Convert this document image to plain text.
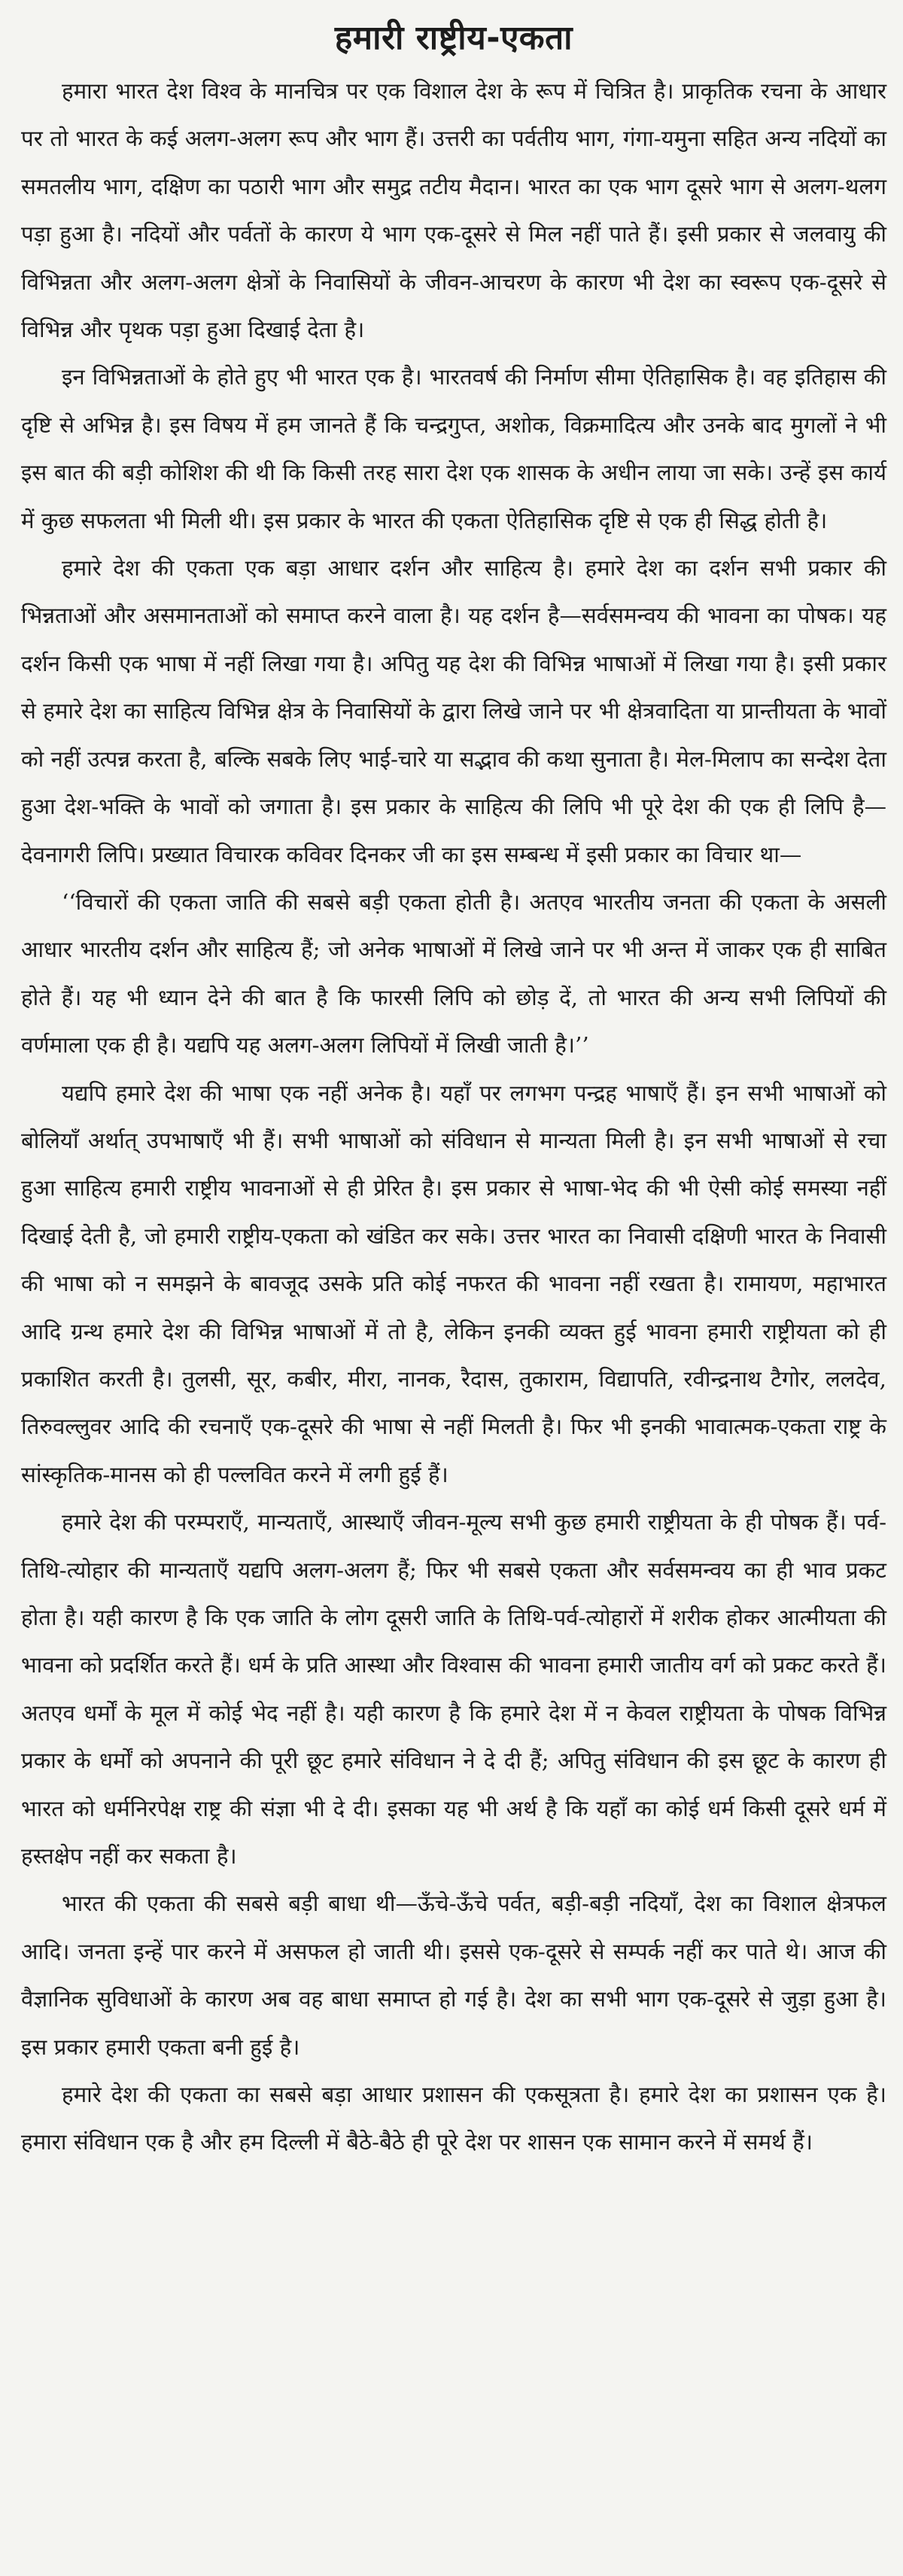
हमारी राष्ट्रीय-एकता

हमारा भारत देश विश्व के मानचित्र पर एक विशाल देश के रूप में चित्रित है। प्राकृतिक रचना के आधार पर तो भारत के कई अलग-अलग रूप और भाग हैं। उत्तरी का पर्वतीय भाग, गंगा-यमुना सहित अन्य नदियों का समतलीय भाग, दक्षिण का पठारी भाग और समुद्र तटीय मैदान। भारत का एक भाग दूसरे भाग से अलग-थलग पड़ा हुआ है। नदियों और पर्वतों के कारण ये भाग एक-दूसरे से मिल नहीं पाते हैं। इसी प्रकार से जलवायु की विभिन्नता और अलग-अलग क्षेत्रों के निवासियों के जीवन-आचरण के कारण भी देश का स्वरूप एक-दूसरे से विभिन्न और पृथक पड़ा हुआ दिखाई देता है।

इन विभिन्नताओं के होते हुए भी भारत एक है। भारतवर्ष की निर्माण सीमा ऐतिहासिक है। वह इतिहास की दृष्टि से अभिन्न है। इस विषय में हम जानते हैं कि चन्द्रगुप्त, अशोक, विक्रमादित्य और उनके बाद मुगलों ने भी इस बात की बड़ी कोशिश की थी कि किसी तरह सारा देश एक शासक के अधीन लाया जा सके। उन्हें इस कार्य में कुछ सफलता भी मिली थी। इस प्रकार के भारत की एकता ऐतिहासिक दृष्टि से एक ही सिद्ध होती है।

हमारे देश की एकता एक बड़ा आधार दर्शन और साहित्य है। हमारे देश का दर्शन सभी प्रकार की भिन्नताओं और असमानताओं को समाप्त करने वाला है। यह दर्शन है—सर्वसमन्वय की भावना का पोषक। यह दर्शन किसी एक भाषा में नहीं लिखा गया है। अपितु यह देश की विभिन्न भाषाओं में लिखा गया है। इसी प्रकार से हमारे देश का साहित्य विभिन्न क्षेत्र के निवासियों के द्वारा लिखे जाने पर भी क्षेत्रवादिता या प्रान्तीयता के भावों को नहीं उत्पन्न करता है, बल्कि सबके लिए भाई-चारे या सद्भाव की कथा सुनाता है। मेल-मिलाप का सन्देश देता हुआ देश-भक्ति के भावों को जगाता है। इस प्रकार के साहित्य की लिपि भी पूरे देश की एक ही लिपि है—देवनागरी लिपि। प्रख्यात विचारक कविवर दिनकर जी का इस सम्बन्ध में इसी प्रकार का विचार था—

‘‘विचारों की एकता जाति की सबसे बड़ी एकता होती है। अतएव भारतीय जनता की एकता के असली आधार भारतीय दर्शन और साहित्य हैं; जो अनेक भाषाओं में लिखे जाने पर भी अन्त में जाकर एक ही साबित होते हैं। यह भी ध्यान देने की बात है कि फारसी लिपि को छोड़ दें, तो भारत की अन्य सभी लिपियों की वर्णमाला एक ही है। यद्यपि यह अलग-अलग लिपियों में लिखी जाती है।’’

यद्यपि हमारे देश की भाषा एक नहीं अनेक है। यहाँ पर लगभग पन्द्रह भाषाएँ हैं। इन सभी भाषाओं को बोलियाँ अर्थात् उपभाषाएँ भी हैं। सभी भाषाओं को संविधान से मान्यता मिली है। इन सभी भाषाओं से रचा हुआ साहित्य हमारी राष्ट्रीय भावनाओं से ही प्रेरित है। इस प्रकार से भाषा-भेद की भी ऐसी कोई समस्या नहीं दिखाई देती है, जो हमारी राष्ट्रीय-एकता को खंडित कर सके। उत्तर भारत का निवासी दक्षिणी भारत के निवासी की भाषा को न समझने के बावजूद उसके प्रति कोई नफरत की भावना नहीं रखता है। रामायण, महाभारत आदि ग्रन्थ हमारे देश की विभिन्न भाषाओं में तो है, लेकिन इनकी व्यक्त हुई भावना हमारी राष्ट्रीयता को ही प्रकाशित करती है। तुलसी, सूर, कबीर, मीरा, नानक, रैदास, तुकाराम, विद्यापति, रवीन्द्रनाथ टैगोर, ललदेव, तिरुवल्लुवर आदि की रचनाएँ एक-दूसरे की भाषा से नहीं मिलती है। फिर भी इनकी भावात्मक-एकता राष्ट्र के सांस्कृतिक-मानस को ही पल्लवित करने में लगी हुई हैं।

हमारे देश की परम्पराएँ, मान्यताएँ, आस्थाएँ जीवन-मूल्य सभी कुछ हमारी राष्ट्रीयता के ही पोषक हैं। पर्व-तिथि-त्योहार की मान्यताएँ यद्यपि अलग-अलग हैं; फिर भी सबसे एकता और सर्वसमन्वय का ही भाव प्रकट होता है। यही कारण है कि एक जाति के लोग दूसरी जाति के तिथि-पर्व-त्योहारों में शरीक होकर आत्मीयता की भावना को प्रदर्शित करते हैं। धर्म के प्रति आस्था और विश्वास की भावना हमारी जातीय वर्ग को प्रकट करते हैं। अतएव धर्मों के मूल में कोई भेद नहीं है। यही कारण है कि हमारे देश में न केवल राष्ट्रीयता के पोषक विभिन्न प्रकार के धर्मों को अपनाने की पूरी छूट हमारे संविधान ने दे दी हैं; अपितु संविधान की इस छूट के कारण ही भारत को धर्मनिरपेक्ष राष्ट्र की संज्ञा भी दे दी। इसका यह भी अर्थ है कि यहाँ का कोई धर्म किसी दूसरे धर्म में हस्तक्षेप नहीं कर सकता है।

भारत की एकता की सबसे बड़ी बाधा थी—ऊँचे-ऊँचे पर्वत, बड़ी-बड़ी नदियाँ, देश का विशाल क्षेत्रफल आदि। जनता इन्हें पार करने में असफल हो जाती थी। इससे एक-दूसरे से सम्पर्क नहीं कर पाते थे। आज की वैज्ञानिक सुविधाओं के कारण अब वह बाधा समाप्त हो गई है। देश का सभी भाग एक-दूसरे से जुड़ा हुआ है। इस प्रकार हमारी एकता बनी हुई है।

हमारे देश की एकता का सबसे बड़ा आधार प्रशासन की एकसूत्रता है। हमारे देश का प्रशासन एक है। हमारा संविधान एक है और हम दिल्ली में बैठे-बैठे ही पूरे देश पर शासन एक सामान करने में समर्थ हैं।
